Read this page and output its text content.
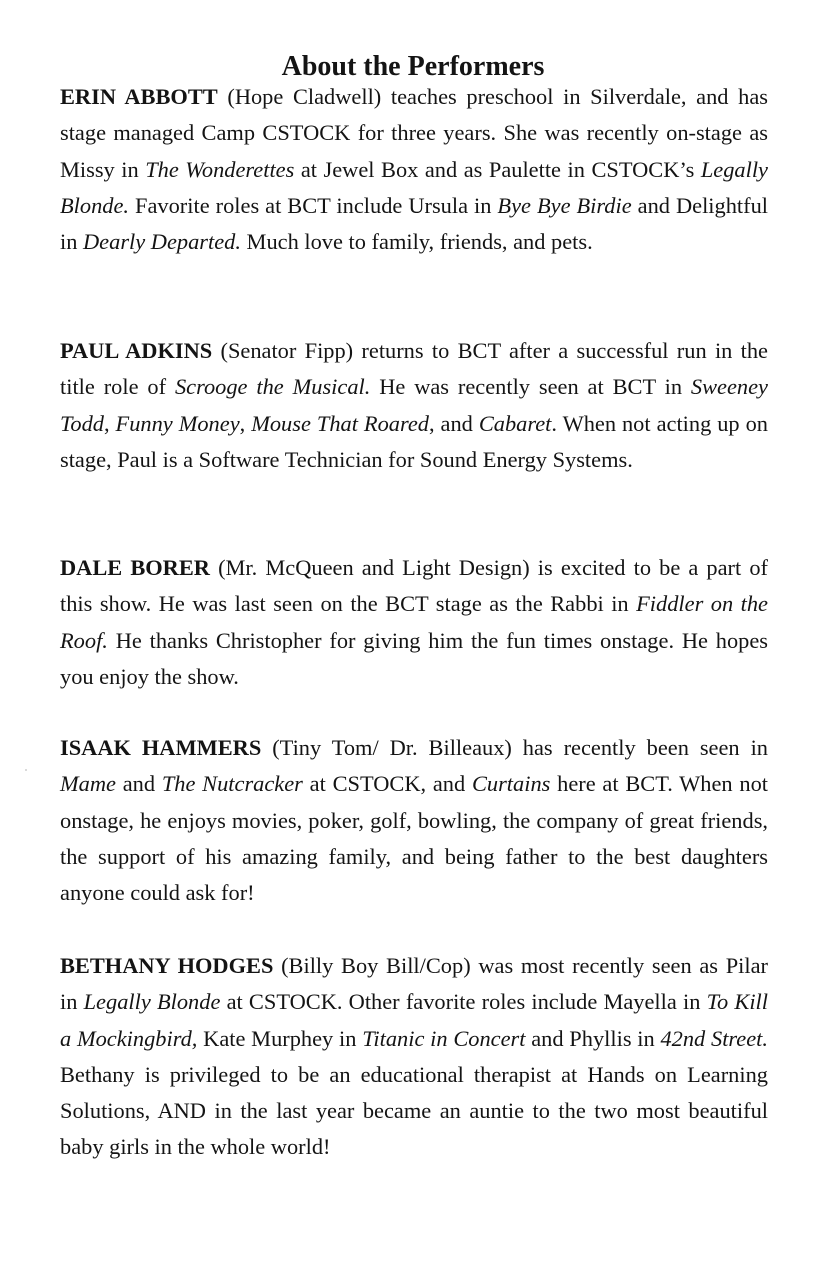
About the Performers

ERIN ABBOTT (Hope Cladwell) teaches preschool in Silverdale, and has stage managed Camp CSTOCK for three years. She was recently on-stage as Missy in The Wonderettes at Jewel Box and as Paulette in CSTOCK’s Legally Blonde. Favorite roles at BCT include Ursula in Bye Bye Birdie and Delightful in Dearly Departed. Much love to family, friends, and pets.

PAUL ADKINS (Senator Fipp) returns to BCT after a successful run in the title role of Scrooge the Musical. He was recently seen at BCT in Sweeney Todd, Funny Money, Mouse That Roared, and Cabaret. When not acting up on stage, Paul is a Software Technician for Sound Energy Systems.

DALE BORER (Mr. McQueen and Light Design) is excited to be a part of this show. He was last seen on the BCT stage as the Rabbi in Fiddler on the Roof. He thanks Christopher for giving him the fun times onstage. He hopes you enjoy the show.

ISAAK HAMMERS (Tiny Tom/ Dr. Billeaux) has recently been seen in Mame and The Nutcracker at CSTOCK, and Curtains here at BCT. When not onstage, he enjoys movies, poker, golf, bowling, the company of great friends, the support of his amazing family, and being father to the best daughters anyone could ask for!

BETHANY HODGES (Billy Boy Bill/Cop) was most recently seen as Pilar in Legally Blonde at CSTOCK. Other favorite roles include Mayella in To Kill a Mockingbird, Kate Murphey in Titanic in Concert and Phyllis in 42nd Street. Bethany is privileged to be an educational therapist at Hands on Learning Solutions, AND in the last year became an auntie to the two most beautiful baby girls in the whole world!
